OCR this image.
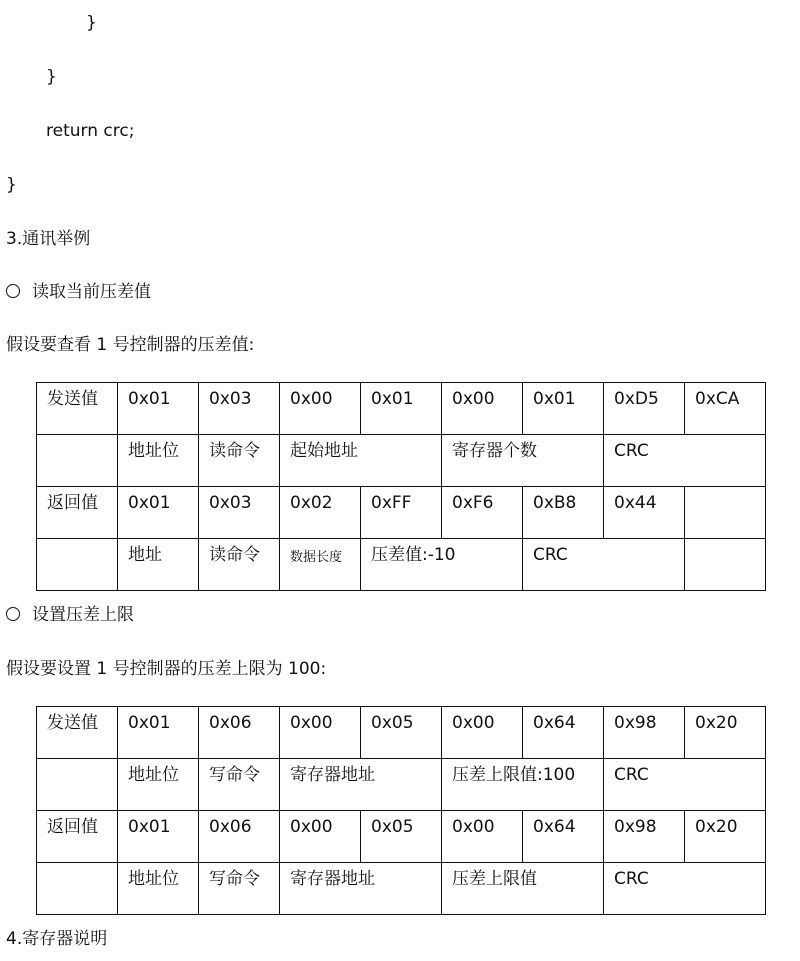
}
}
return crc;
}
3.通讯举例
读取当前压差值
假设要查看 1 号控制器的压差值:
发送值	0x01	0x03	0x00	0x01	0x00	0x01	0xD5	0xCA
	地址位	读命令	起始地址		寄存器个数		CRC	
返回值	0x01	0x03	0x02	0xFF	0xF6	0xB8	0x44	
	地址	读命令	数据长度	压差值:-10		CRC		
设置压差上限
假设要设置 1 号控制器的压差上限为 100:
发送值	0x01	0x06	0x00	0x05	0x00	0x64	0x98	0x20
	地址位	写命令	寄存器地址		压差上限值:100		CRC	
返回值	0x01	0x06	0x00	0x05	0x00	0x64	0x98	0x20
	地址位	写命令	寄存器地址		压差上限值		CRC	
4.寄存器说明
